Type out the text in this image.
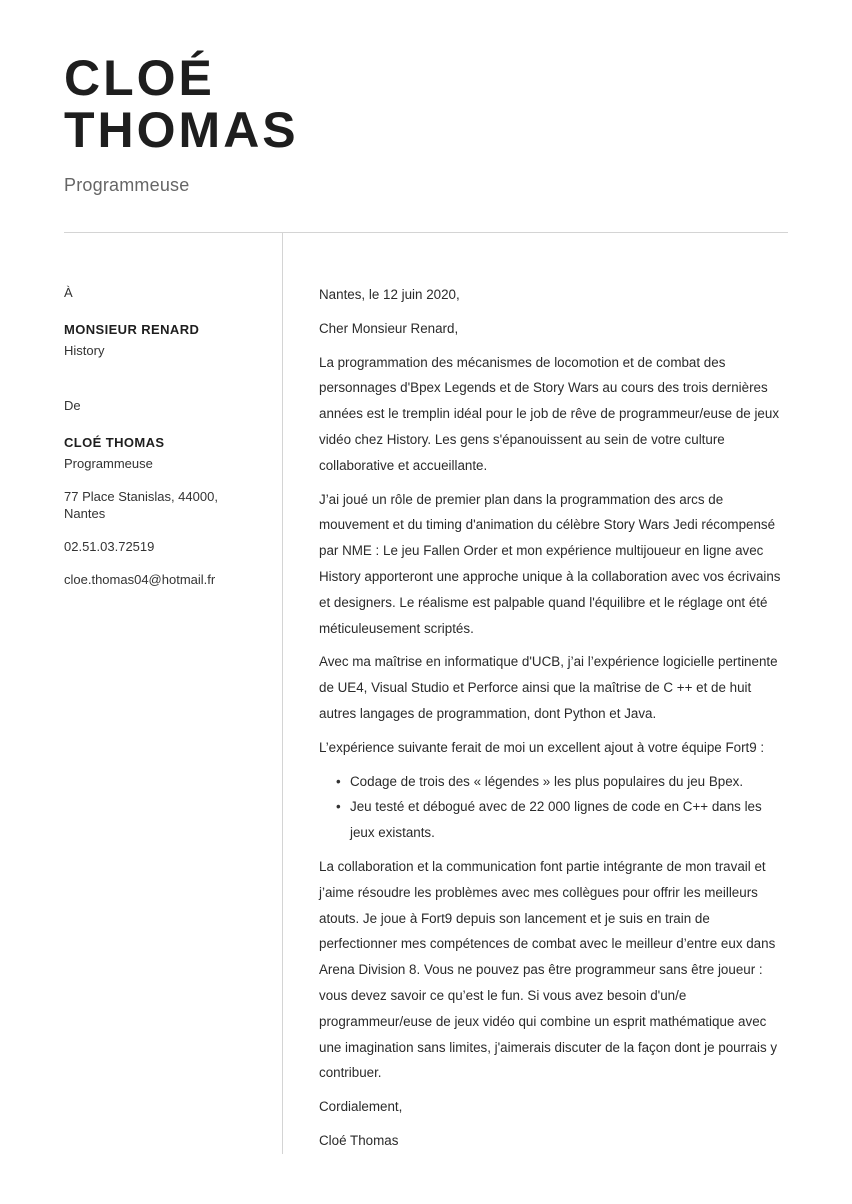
CLOÉ
THOMAS
Programmeuse

À

MONSIEUR RENARD

History

De

CLOÉ THOMAS

Programmeuse

77 Place Stanislas, 44000,

Nantes

02.51.03.72519

cloe.thomas04@hotmail.fr

Nantes, le 12 juin 2020,

Cher Monsieur Renard,

La programmation des mécanismes de locomotion et de combat des personnages d'Bpex Legends et de Story Wars au cours des trois dernières années est le tremplin idéal pour le job de rêve de programmeur/euse de jeux vidéo chez History. Les gens s'épanouissent au sein de votre culture collaborative et accueillante.

J’ai joué un rôle de premier plan dans la programmation des arcs de mouvement et du timing d'animation du célèbre Story Wars Jedi récompensé par NME : Le jeu Fallen Order et mon expérience multijoueur en ligne avec History apporteront une approche unique à la collaboration avec vos écrivains et designers. Le réalisme est palpable quand l'équilibre et le réglage ont été méticuleusement scriptés.

Avec ma maîtrise en informatique d'UCB, j’ai l’expérience logicielle pertinente de UE4, Visual Studio et Perforce ainsi que la maîtrise de C ++ et de huit autres langages de programmation, dont Python et Java.

L’expérience suivante ferait de moi un excellent ajout à votre équipe Fort9 :

• Codage de trois des « légendes » les plus populaires du jeu Bpex.
• Jeu testé et débogué avec de 22 000 lignes de code en C++ dans les jeux existants.

La collaboration et la communication font partie intégrante de mon travail et j’aime résoudre les problèmes avec mes collègues pour offrir les meilleurs atouts. Je joue à Fort9 depuis son lancement et je suis en train de perfectionner mes compétences de combat avec le meilleur d’entre eux dans Arena Division 8. Vous ne pouvez pas être programmeur sans être joueur : vous devez savoir ce qu’est le fun. Si vous avez besoin d'un/e programmeur/euse de jeux vidéo qui combine un esprit mathématique avec une imagination sans limites, j'aimerais discuter de la façon dont je pourrais y contribuer.

Cordialement,

Cloé Thomas
